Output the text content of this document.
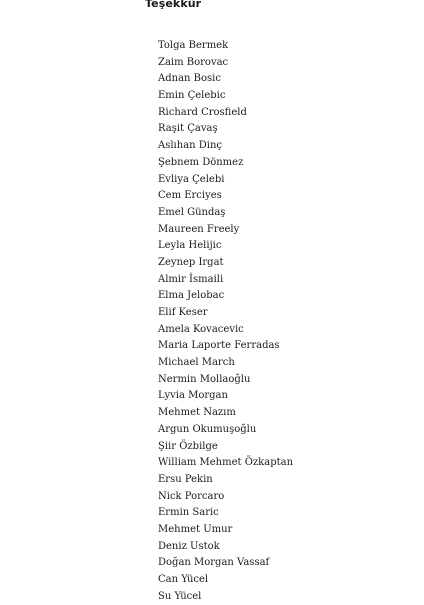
Teşekkür
Tolga Bermek
Zaim Borovac
Adnan Bosic
Emin Çelebic
Richard Crosfield
Raşit Çavaş
Aslıhan Dinç
Şebnem Dönmez
Evliya Çelebi
Cem Erciyes
Emel Gündaş
Maureen Freely
Leyla Helijic
Zeynep Irgat
Almir İsmaili
Elma Jelobac
Elif Keser
Amela Kovacevic
Maria Laporte Ferradas
Michael March
Nermin Mollaoğlu
Lyvia Morgan
Mehmet Nazım
Argun Okumuşoğlu
Şiir Özbilge
William Mehmet Özkaptan
Ersu Pekin
Nick Porcaro
Ermin Saric
Mehmet Umur
Deniz Ustok
Doğan Morgan Vassaf
Can Yücel
Su Yücel
